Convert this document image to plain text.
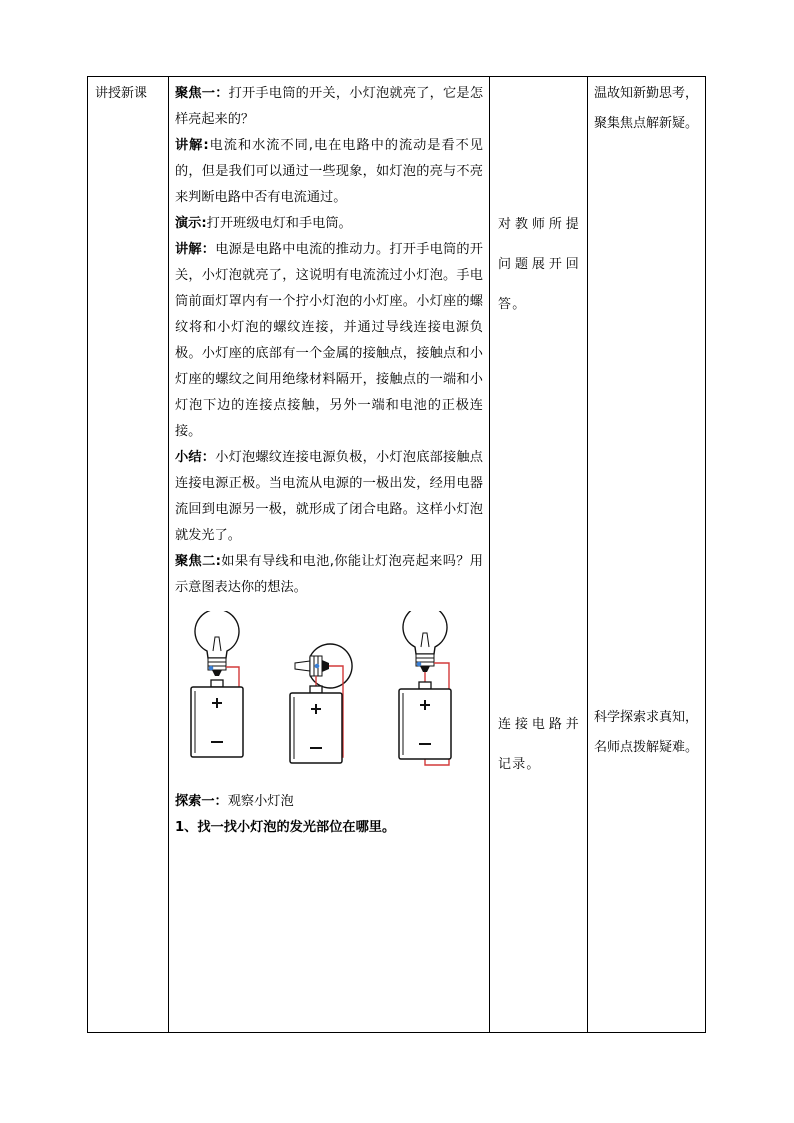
讲授新课	聚焦一：打开手电筒的开关，小灯泡就亮了，它是怎样亮起来的？

讲解:电流和水流不同,电在电路中的流动是看不见的，但是我们可以通过一些现象，如灯泡的亮与不亮来判断电路中否有电流通过。

演示:打开班级电灯和手电筒。

讲解：电源是电路中电流的推动力。打开手电筒的开关，小灯泡就亮了，这说明有电流流过小灯泡。手电筒前面灯罩内有一个拧小灯泡的小灯座。小灯座的螺纹将和小灯泡的螺纹连接，并通过导线连接电源负极。小灯座的底部有一个金属的接触点，接触点和小灯座的螺纹之间用绝缘材料隔开，接触点的一端和小灯泡下边的连接点接触，另外一端和电池的正极连接。

小结：小灯泡螺纹连接电源负极，小灯泡底部接触点连接电源正极。当电流从电源的一极出发，经用电器流回到电源另一极，就形成了闭合电路。这样小灯泡就发光了。

聚焦二:如果有导线和电池,你能让灯泡亮起来吗？用示意图表达你的想法。

探索一：观察小灯泡

1、找一找小灯泡的发光部位在哪里。

对教师所提问题展开回答。
连接电路并记录。
温故知新勤思考，聚集焦点解新疑。
科学探索求真知，名师点拨解疑难。
